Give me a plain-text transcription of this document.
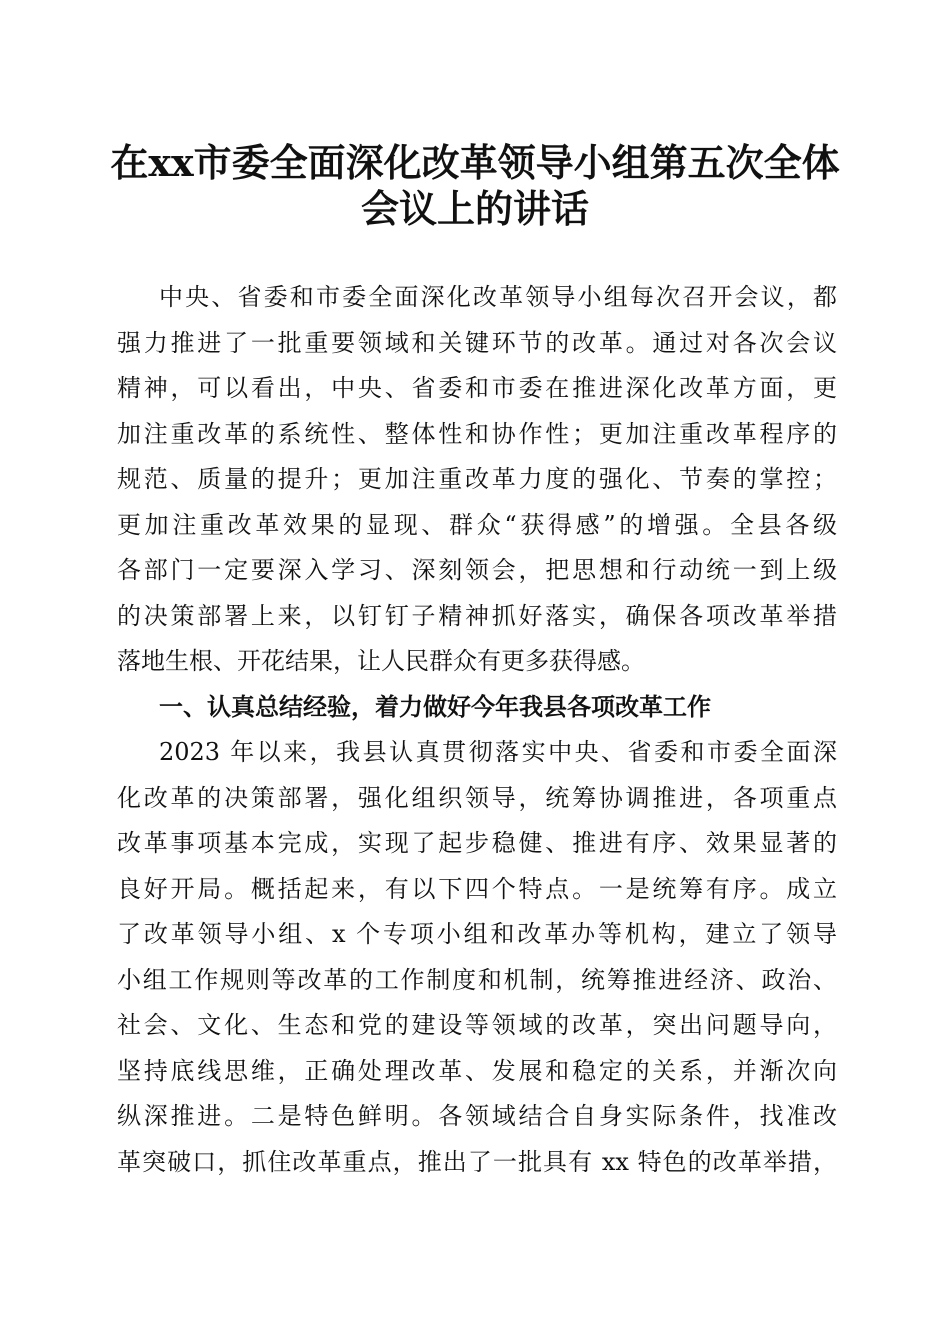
在xx市委全面深化改革领导小组第五次全体
会议上的讲话
中央、省委和市委全面深化改革领导小组每次召开会议，都
强力推进了一批重要领域和关键环节的改革。通过对各次会议
精神，可以看出，中央、省委和市委在推进深化改革方面，更
加注重改革的系统性、整体性和协作性；更加注重改革程序的
规范、质量的提升；更加注重改革力度的强化、节奏的掌控；
更加注重改革效果的显现、群众“获得感”的增强。全县各级
各部门一定要深入学习、深刻领会，把思想和行动统一到上级
的决策部署上来，以钉钉子精神抓好落实，确保各项改革举措
落地生根、开花结果，让人民群众有更多获得感。
一、认真总结经验，着力做好今年我县各项改革工作
2023 年以来，我县认真贯彻落实中央、省委和市委全面深
化改革的决策部署，强化组织领导，统筹协调推进，各项重点
改革事项基本完成，实现了起步稳健、推进有序、效果显著的
良好开局。概括起来，有以下四个特点。一是统筹有序。成立
了改革领导小组、x 个专项小组和改革办等机构，建立了领导
小组工作规则等改革的工作制度和机制，统筹推进经济、政治、
社会、文化、生态和党的建设等领域的改革，突出问题导向，
坚持底线思维，正确处理改革、发展和稳定的关系，并渐次向
纵深推进。二是特色鲜明。各领域结合自身实际条件，找准改
革突破口，抓住改革重点，推出了一批具有 xx 特色的改革举措，
